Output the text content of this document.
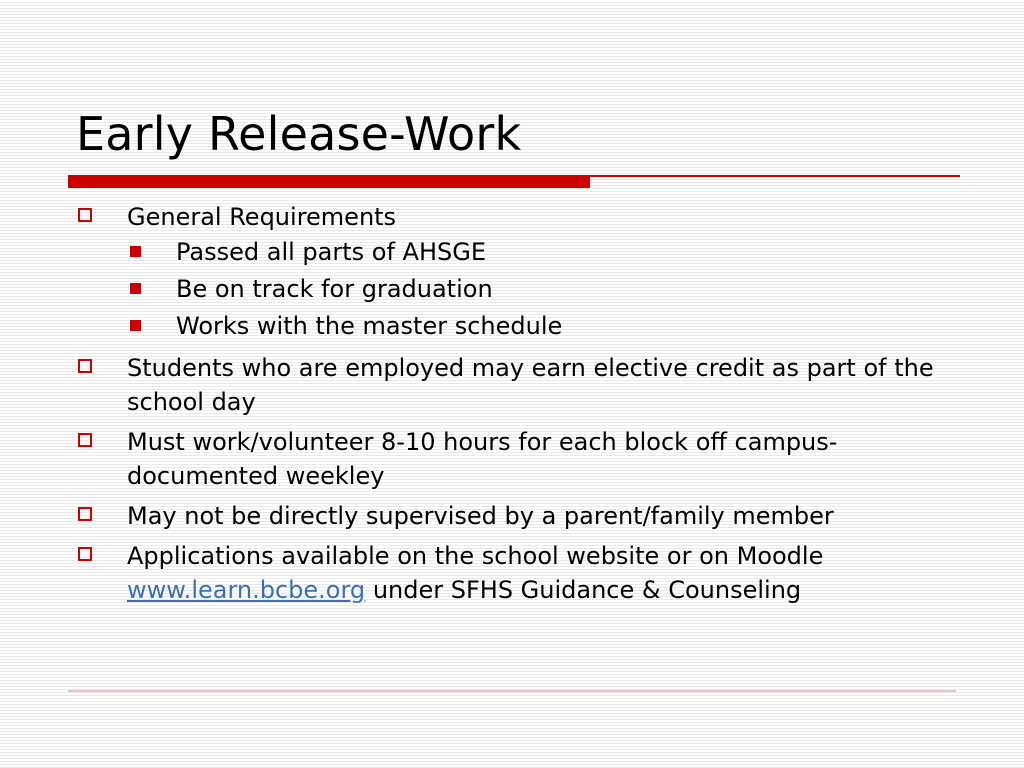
Early Release-Work
General Requirements
Passed all parts of AHSGE
Be on track for graduation
Works with the master schedule
Students who are employed may earn elective credit as part of the school day
Must work/volunteer 8-10 hours for each block off campus-documented weekley
May not be directly supervised by a parent/family member
Applications available on the school website or on Moodle www.learn.bcbe.org under SFHS Guidance & Counseling
